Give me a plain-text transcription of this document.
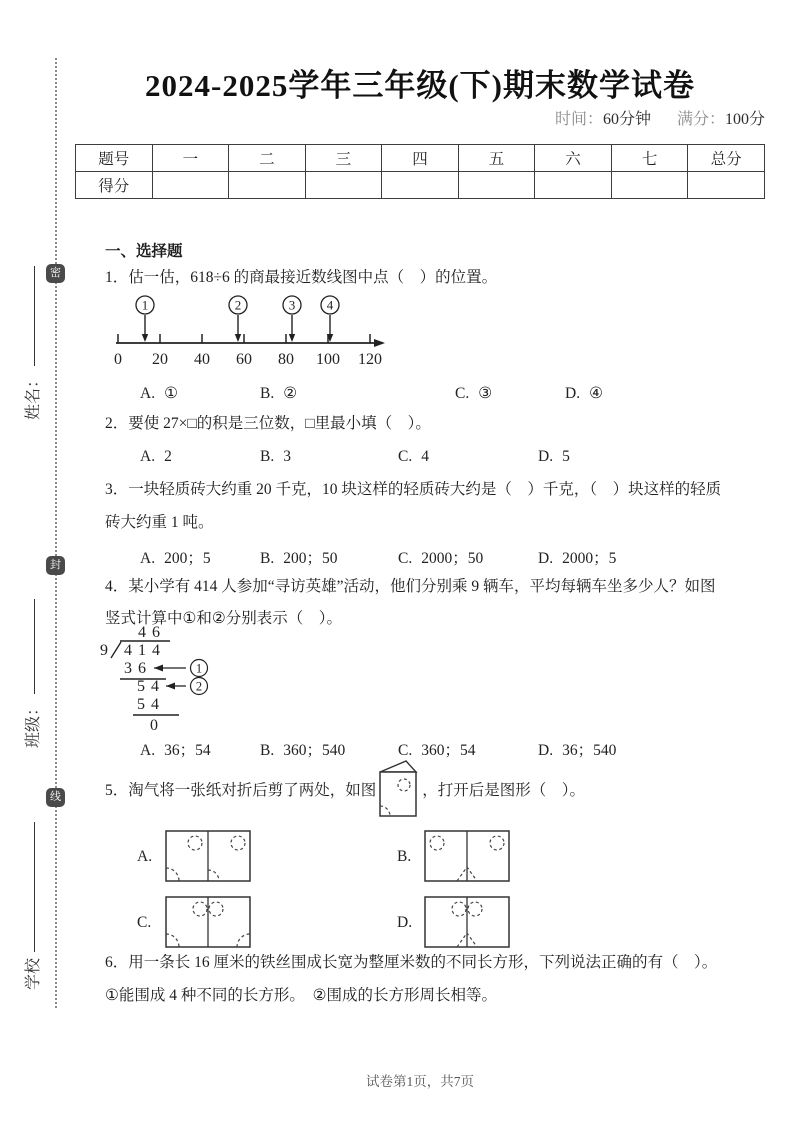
密
封
线
姓名：
班级：
学校
2024-2025学年三年级(下)期末数学试卷
时间：60分钟 满分：100分
题号	一	二	三	四	五	六	七	总分
得分								
一、选择题
1．估一估，618÷6 的商最接近数线图中点（　）的位置。
1	2	3 4
0 20 40 60 80 100 120
A. ①	B. ②	C. ③	D. ④
2．要使 27×□的积是三位数，□里最小填（　）。
A. 2	B. 3	C. 4	D. 5
3．一块轻质砖大约重 20 千克，10 块这样的轻质砖大约是（　）千克，（　）块这样的轻质
砖大约重 1 吨。
A. 200；5	B. 200；50	C. 2000；50	D. 2000；5
4．某小学有 414 人参加“寻访英雄”活动，他们分别乘 9 辆车，平均每辆车坐多少人？如图
竖式计算中①和②分别表示（　）。
46
9 414
36	1
54 2
54
0
A. 36；54	B. 360；540	C. 360；54	D. 36；540
5．淘气将一张纸对折后剪了两处，如图	，打开后是图形（　）。
A.	B.
C.	D.
6．用一条长 16 厘米的铁丝围成长宽为整厘米数的不同长方形，下列说法正确的有（　）。
①能围成 4 种不同的长方形。　②围成的长方形周长相等。
试卷第1页，共7页
